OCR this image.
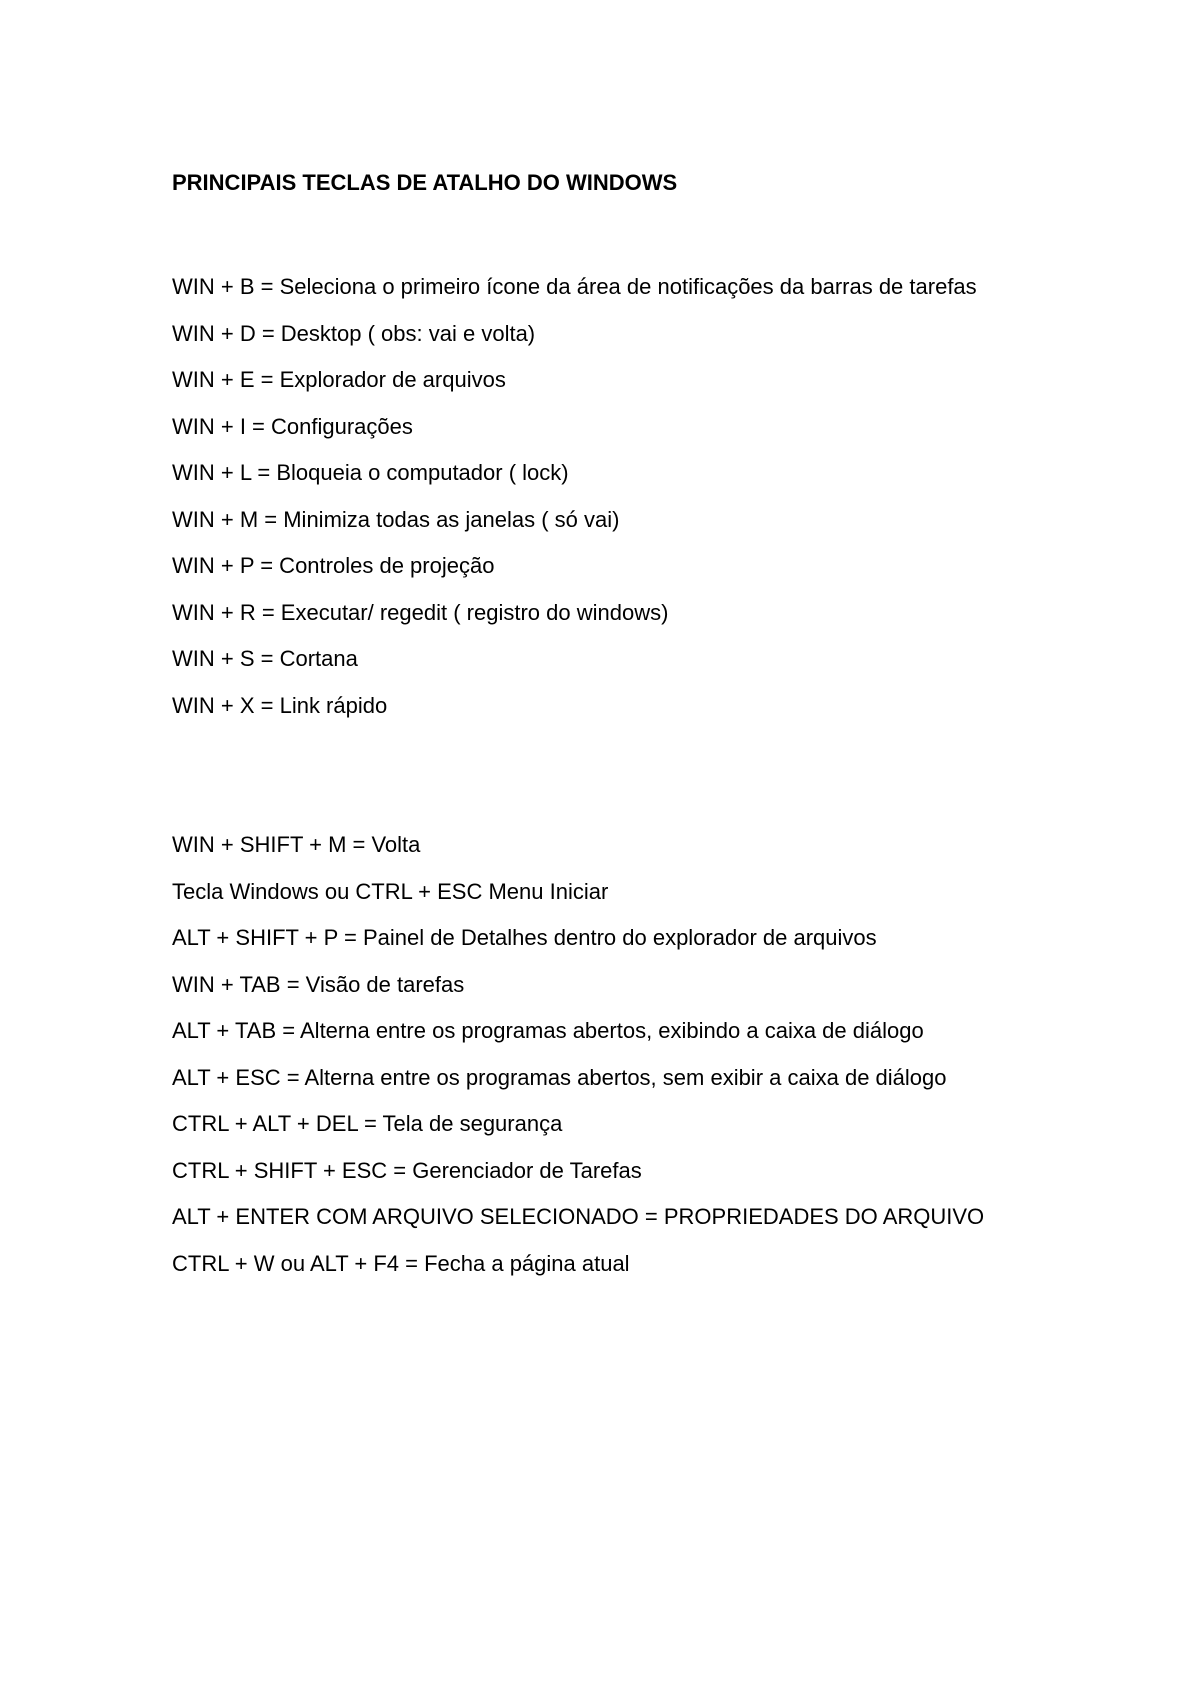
PRINCIPAIS TECLAS DE ATALHO DO WINDOWS
WIN + B = Seleciona o primeiro ícone da área de notificações da barras de tarefas
WIN + D = Desktop ( obs: vai e volta)
WIN + E = Explorador de arquivos
WIN + I = Configurações
WIN + L = Bloqueia o computador ( lock)
WIN + M = Minimiza todas as janelas ( só vai)
WIN + P = Controles de projeção
WIN + R = Executar/ regedit ( registro do windows)
WIN + S = Cortana
WIN + X = Link rápido
WIN + SHIFT + M = Volta
Tecla Windows ou CTRL + ESC Menu Iniciar
ALT + SHIFT + P = Painel de Detalhes dentro do explorador de arquivos
WIN + TAB = Visão de tarefas
ALT + TAB = Alterna entre os programas abertos, exibindo a caixa de diálogo
ALT + ESC = Alterna entre os programas abertos, sem exibir a caixa de diálogo
CTRL + ALT + DEL = Tela de segurança
CTRL + SHIFT + ESC = Gerenciador de Tarefas
ALT + ENTER COM ARQUIVO SELECIONADO = PROPRIEDADES DO ARQUIVO
CTRL + W ou ALT + F4 = Fecha a página atual
